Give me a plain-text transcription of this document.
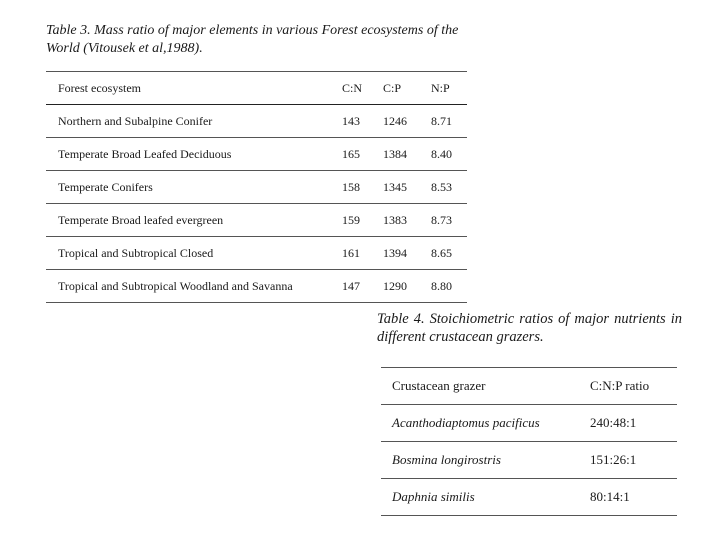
Table 3. Mass ratio of major elements in various Forest ecosystems of the World (Vitousek et al,1988).

Forest ecosystem	C:N	C:P	N:P
Northern and Subalpine Conifer	143	1246	8.71
Temperate Broad Leafed Deciduous	165	1384	8.40
Temperate Conifers	158	1345	8.53
Temperate Broad leafed evergreen	159	1383	8.73
Tropical and Subtropical Closed	161	1394	8.65
Tropical and Subtropical Woodland and Savanna	147	1290	8.80

Table 4. Stoichiometric ratios of major nutrients in different crustacean grazers.

Crustacean grazer	C:N:P ratio
Acanthodiaptomus pacificus	240:48:1
Bosmina longirostris	151:26:1
Daphnia similis	80:14:1
